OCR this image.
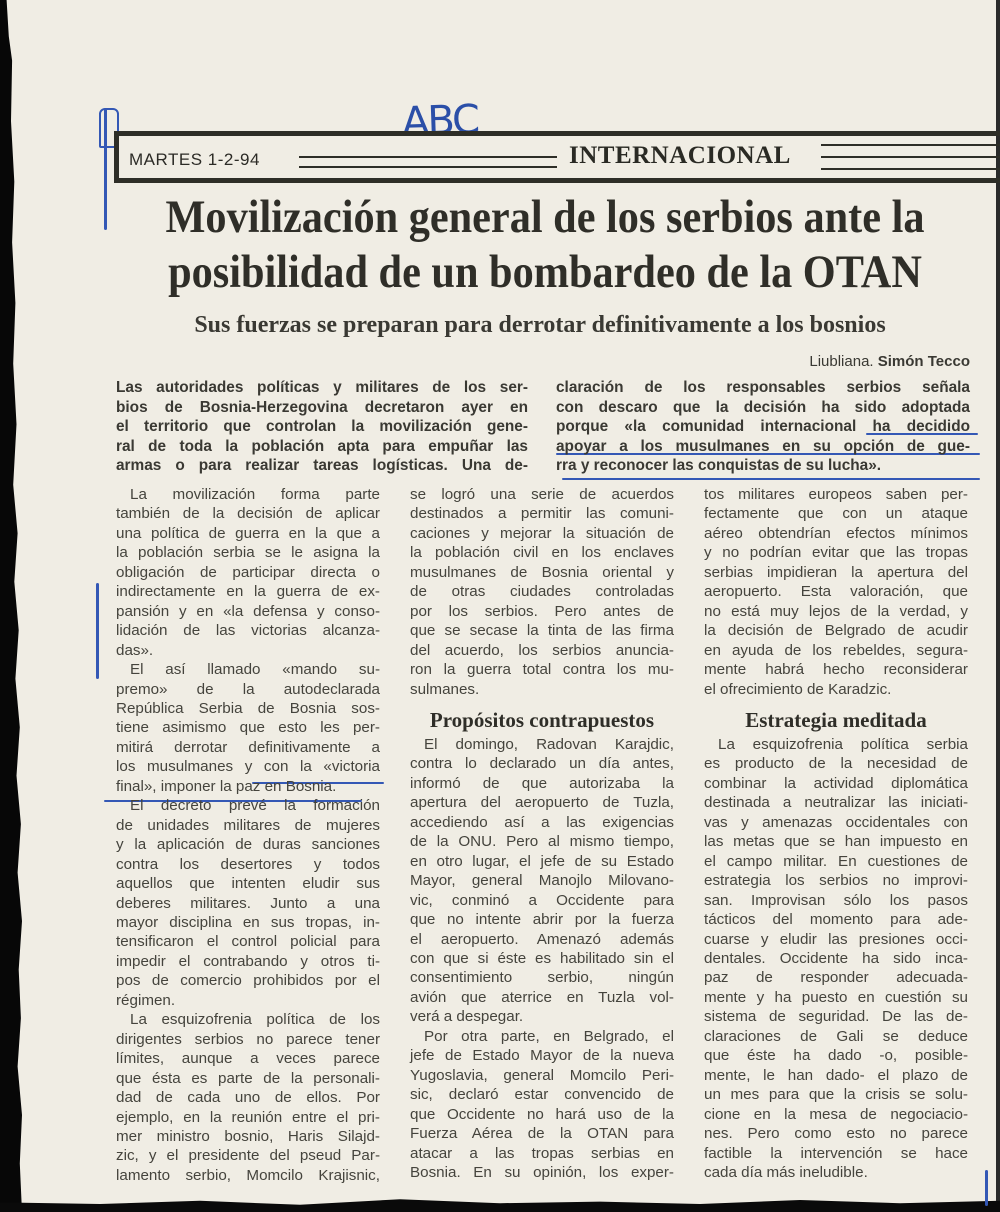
ABC
MARTES 1-2-94	INTERNACIONAL
Movilización general de los serbios ante la
posibilidad de un bombardeo de la OTAN
Sus fuerzas se preparan para derrotar definitivamente a los bosnios
Liubliana. Simón Tecco
Las autoridades políticas y militares de los ser-
bios de Bosnia-Herzegovina decretaron ayer en
el territorio que controlan la movilización gene-
ral de toda la población apta para empuñar las
armas o para realizar tareas logísticas. Una de-
claración de los responsables serbios señala
con descaro que la decisión ha sido adoptada
porque «la comunidad internacional ha decidido
apoyar a los musulmanes en su opción de gue-
rra y reconocer las conquistas de su lucha».
La movilización forma parte
también de la decisión de aplicar
una política de guerra en la que a
la población serbia se le asigna la
obligación de participar directa o
indirectamente en la guerra de ex-
pansión y en «la defensa y conso-
lidación de las victorias alcanza-
das».
El así llamado «mando su-
premo» de la autodeclarada
República Serbia de Bosnia sos-
tiene asimismo que esto les per-
mitirá derrotar definitivamente a
los musulmanes y con la «victoria
final», imponer la paz en Bosnia.
El decreto prevé la formación
de unidades militares de mujeres
y la aplicación de duras sanciones
contra los desertores y todos
aquellos que intenten eludir sus
deberes militares. Junto a una
mayor disciplina en sus tropas, in-
tensificaron el control policial para
impedir el contrabando y otros ti-
pos de comercio prohibidos por el
régimen.
La esquizofrenia política de los
dirigentes serbios no parece tener
límites, aunque a veces parece
que ésta es parte de la personali-
dad de cada uno de ellos. Por
ejemplo, en la reunión entre el pri-
mer ministro bosnio, Haris Silajd-
zic, y el presidente del pseud Par-
lamento serbio, Momcilo Krajisnic,
se logró una serie de acuerdos
destinados a permitir las comuni-
caciones y mejorar la situación de
la población civil en los enclaves
musulmanes de Bosnia oriental y
de otras ciudades controladas
por los serbios. Pero antes de
que se secase la tinta de las firma
del acuerdo, los serbios anuncia-
ron la guerra total contra los mu-
sulmanes.
Propósitos contrapuestos
El domingo, Radovan Karajdic,
contra lo declarado un día antes,
informó de que autorizaba la
apertura del aeropuerto de Tuzla,
accediendo así a las exigencias
de la ONU. Pero al mismo tiempo,
en otro lugar, el jefe de su Estado
Mayor, general Manojlo Milovano-
vic, conminó a Occidente para
que no intente abrir por la fuerza
el aeropuerto. Amenazó además
con que si éste es habilitado sin el
consentimiento serbio, ningún
avión que aterrice en Tuzla vol-
verá a despegar.
Por otra parte, en Belgrado, el
jefe de Estado Mayor de la nueva
Yugoslavia, general Momcilo Peri-
sic, declaró estar convencido de
que Occidente no hará uso de la
Fuerza Aérea de la OTAN para
atacar a las tropas serbias en
Bosnia. En su opinión, los exper-
tos militares europeos saben per-
fectamente que con un ataque
aéreo obtendrían efectos mínimos
y no podrían evitar que las tropas
serbias impidieran la apertura del
aeropuerto. Esta valoración, que
no está muy lejos de la verdad, y
la decisión de Belgrado de acudir
en ayuda de los rebeldes, segura-
mente habrá hecho reconsiderar
el ofrecimiento de Karadzic.
Estrategia meditada
La esquizofrenia política serbia
es producto de la necesidad de
combinar la actividad diplomática
destinada a neutralizar las iniciati-
vas y amenazas occidentales con
las metas que se han impuesto en
el campo militar. En cuestiones de
estrategia los serbios no improvi-
san. Improvisan sólo los pasos
tácticos del momento para ade-
cuarse y eludir las presiones occi-
dentales. Occidente ha sido inca-
paz de responder adecuada-
mente y ha puesto en cuestión su
sistema de seguridad. De las de-
claraciones de Gali se deduce
que éste ha dado -o, posible-
mente, le han dado- el plazo de
un mes para que la crisis se solu-
cione en la mesa de negociacio-
nes. Pero como esto no parece
factible la intervención se hace
cada día más ineludible.
